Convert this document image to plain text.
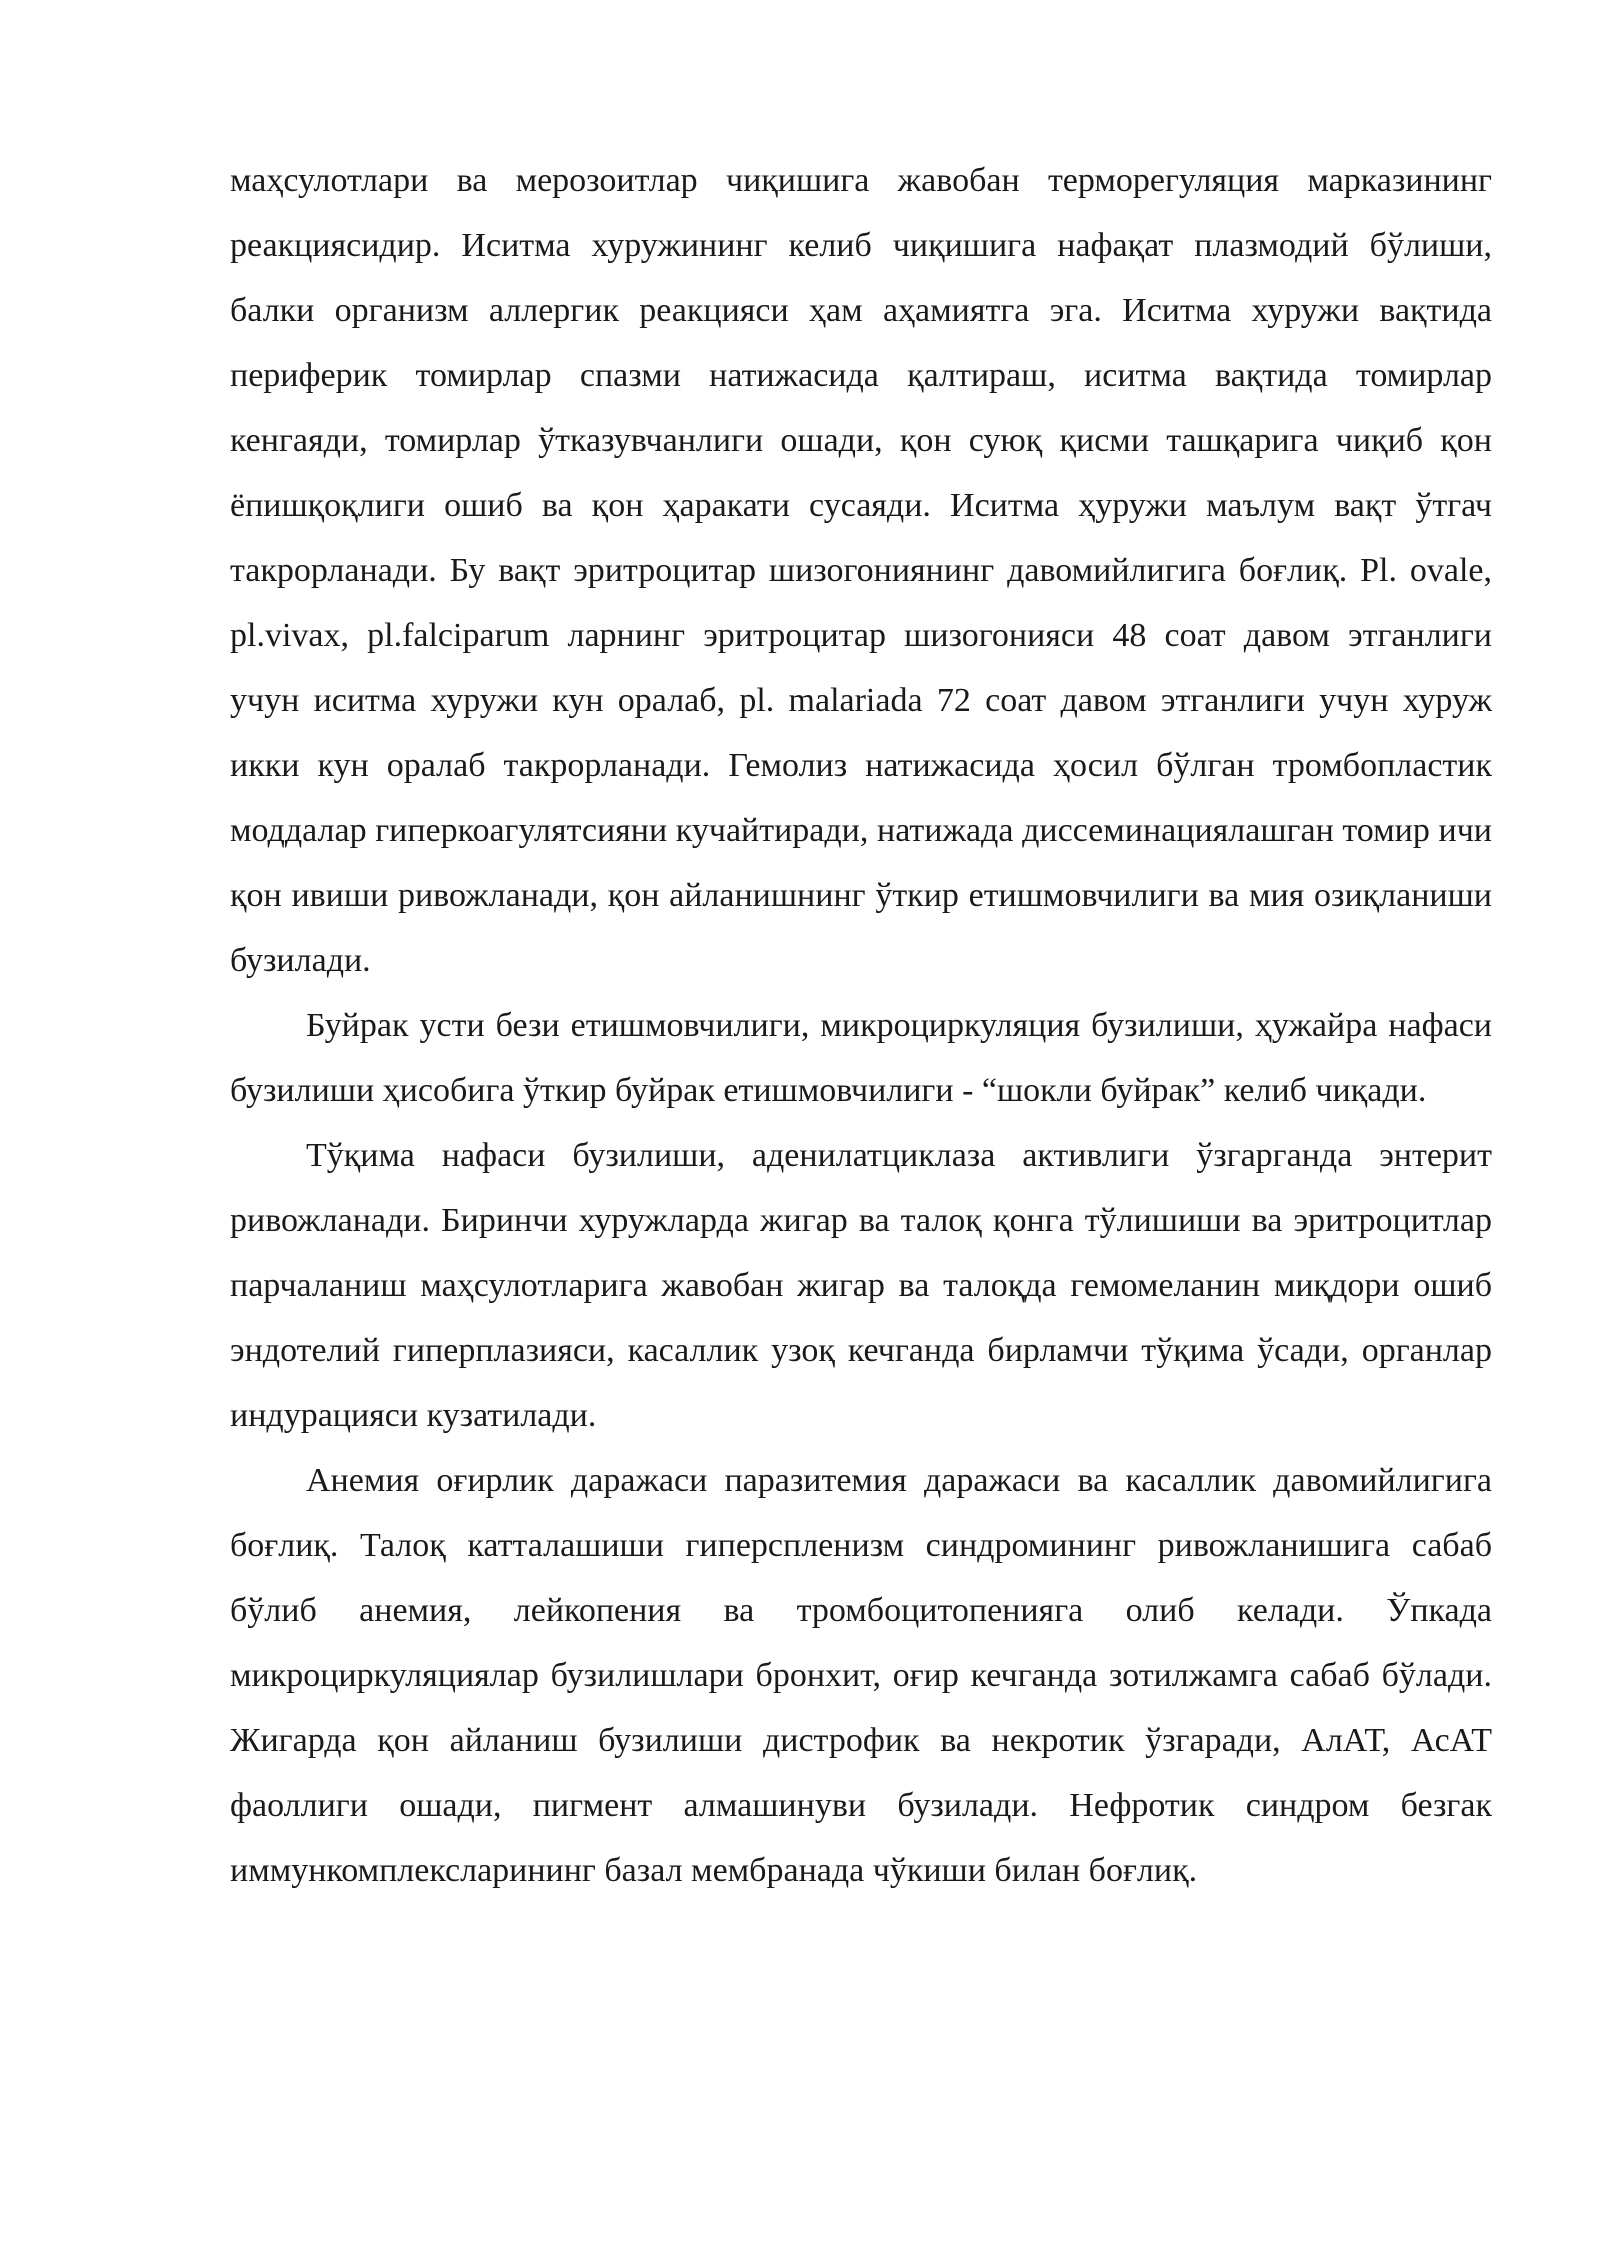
маҳсулотлари ва мерозоитлар чиқишига жавобан терморегуляция марказининг реакциясидир. Иситма хуружининг келиб чиқишига нафақат плазмодий бўлиши, балки организм аллергик реакцияси ҳам аҳамиятга эга. Иситма хуружи вақтида периферик томирлар спазми натижасида қалтираш, иситма вақтида томирлар кенгаяди, томирлар ўтказувчанлиги ошади, қон суюқ қисми ташқарига чиқиб қон ёпишқоқлиги ошиб ва қон ҳаракати сусаяди. Иситма ҳуружи маълум вақт ўтгач такрорланади. Бу вақт эритроцитар шизогониянинг давомийлигига боғлиқ. Pl. ovale, pl.vivax, pl.falciparum ларнинг эритроцитар шизогонияси 48 соат давом этганлиги учун иситма хуружи кун оралаб, pl. malariada 72 соат давом этганлиги учун хуруж икки кун оралаб такрорланади. Гемолиз натижасида ҳосил бўлган тромбопластик моддалар гиперкоагулятсияни кучайтиради, натижада диссеминациялашган томир ичи қон ивиши ривожланади, қон айланишнинг ўткир етишмовчилиги ва мия озиқланиши бузилади.

Буйрак усти бези етишмовчилиги, микроциркуляция бузилиши, ҳужайра нафаси бузилиши ҳисобига ўткир буйрак етишмовчилиги - “шокли буйрак” келиб чиқади.

Тўқима нафаси бузилиши, аденилатциклаза активлиги ўзгарганда энтерит ривожланади. Биринчи хуружларда жигар ва талоқ қонга тўлишиши ва эритроцитлар парчаланиш маҳсулотларига жавобан жигар ва талоқда гемомеланин миқдори ошиб эндотелий гиперплазияси, касаллик узоқ кечганда бирламчи тўқима ўсади, органлар индурацияси кузатилади.

Анемия оғирлик даражаси паразитемия даражаси ва касаллик давомийлигига боғлиқ. Талоқ катталашиши гиперспленизм синдромининг ривожланишига сабаб бўлиб анемия, лейкопения ва тромбоцитопенияга олиб келади. Ўпкада микроциркуляциялар бузилишлари бронхит, оғир кечганда зотилжамга сабаб бўлади. Жигарда қон айланиш бузилиши дистрофик ва некротик ўзгаради, АлАТ, АсАТ фаоллиги ошади, пигмент алмашинуви бузилади. Нефротик синдром безгак иммункомплексларининг базал мембранада чўкиши билан боғлиқ.
